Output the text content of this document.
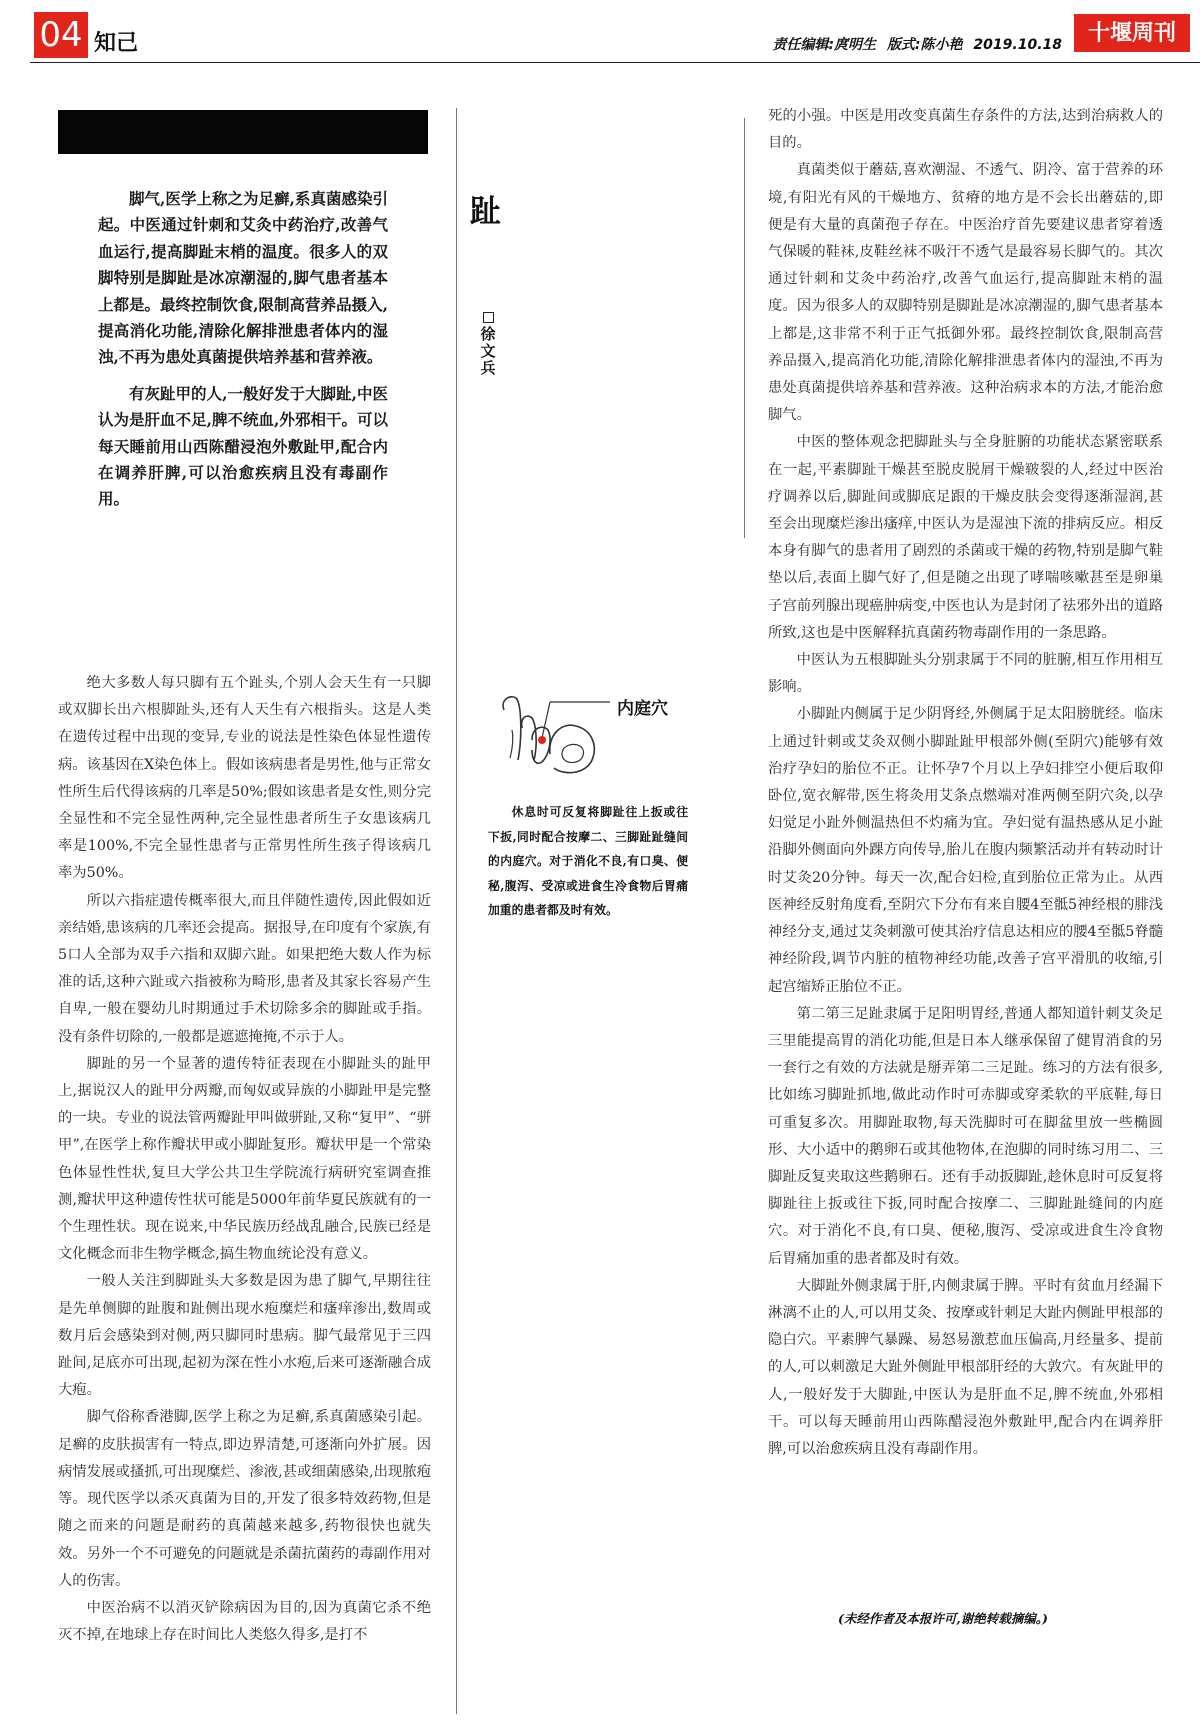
04 知己	责任编辑:庹明生 版式:陈小艳 2019.10.18	十堰周刊
趾
徐文兵

脚气,医学上称之为足癣,系真菌感染引起。中医通过针刺和艾灸中药治疗,改善气血运行,提高脚趾末梢的温度。很多人的双脚特别是脚趾是冰凉潮湿的,脚气患者基本上都是。最终控制饮食,限制高营养品摄入,提高消化功能,清除化解排泄患者体内的湿浊,不再为患处真菌提供培养基和营养液。

有灰趾甲的人,一般好发于大脚趾,中医认为是肝血不足,脾不统血,外邪相干。可以每天睡前用山西陈醋浸泡外敷趾甲,配合内在调养肝脾,可以治愈疾病且没有毒副作用。

绝大多数人每只脚有五个趾头,个别人会天生有一只脚或双脚长出六根脚趾头,还有人天生有六根指头。这是人类在遗传过程中出现的变异,专业的说法是性染色体显性遗传病。该基因在X染色体上。假如该病患者是男性,他与正常女性所生后代得该病的几率是50%;假如该患者是女性,则分完全显性和不完全显性两种,完全显性患者所生子女患该病几率是100%,不完全显性患者与正常男性所生孩子得该病几率为50%。

所以六指症遗传概率很大,而且伴随性遗传,因此假如近亲结婚,患该病的几率还会提高。据报导,在印度有个家族,有5口人全部为双手六指和双脚六趾。如果把绝大数人作为标准的话,这种六趾或六指被称为畸形,患者及其家长容易产生自卑,一般在婴幼儿时期通过手术切除多余的脚趾或手指。没有条件切除的,一般都是遮遮掩掩,不示于人。

脚趾的另一个显著的遗传特征表现在小脚趾头的趾甲上,据说汉人的趾甲分两瓣,而匈奴或异族的小脚趾甲是完整的一块。专业的说法管两瓣趾甲叫做骈趾,又称“复甲”、“骈甲”,在医学上称作瓣状甲或小脚趾复形。瓣状甲是一个常染色体显性性状,复旦大学公共卫生学院流行病研究室调查推测,瓣状甲这种遗传性状可能是5000年前华夏民族就有的一个生理性状。现在说来,中华民族历经战乱融合,民族已经是文化概念而非生物学概念,搞生物血统论没有意义。

一般人关注到脚趾头大多数是因为患了脚气,早期往往是先单侧脚的趾腹和趾侧出现水疱糜烂和瘙痒渗出,数周或数月后会感染到对侧,两只脚同时患病。脚气最常见于三四趾间,足底亦可出现,起初为深在性小水疱,后来可逐渐融合成大疱。

脚气俗称香港脚,医学上称之为足癣,系真菌感染引起。足癣的皮肤损害有一特点,即边界清楚,可逐渐向外扩展。因病情发展或搔抓,可出现糜烂、渗液,甚或细菌感染,出现脓疱等。现代医学以杀灭真菌为目的,开发了很多特效药物,但是随之而来的问题是耐药的真菌越来越多,药物很快也就失效。另外一个不可避免的问题就是杀菌抗菌药的毒副作用对人的伤害。

中医治病不以消灭铲除病因为目的,因为真菌它杀不绝灭不掉,在地球上存在时间比人类悠久得多,是打不

内庭穴

休息时可反复将脚趾往上扳或往下扳,同时配合按摩二、三脚趾趾缝间的内庭穴。对于消化不良,有口臭、便秘,腹泻、受凉或进食生冷食物后胃痛加重的患者都及时有效。

死的小强。中医是用改变真菌生存条件的方法,达到治病救人的目的。

真菌类似于蘑菇,喜欢潮湿、不透气、阴冷、富于营养的环境,有阳光有风的干燥地方、贫瘠的地方是不会长出蘑菇的,即便是有大量的真菌孢子存在。中医治疗首先要建议患者穿着透气保暖的鞋袜,皮鞋丝袜不吸汗不透气是最容易长脚气的。其次通过针刺和艾灸中药治疗,改善气血运行,提高脚趾末梢的温度。因为很多人的双脚特别是脚趾是冰凉潮湿的,脚气患者基本上都是,这非常不利于正气抵御外邪。最终控制饮食,限制高营养品摄入,提高消化功能,清除化解排泄患者体内的湿浊,不再为患处真菌提供培养基和营养液。这种治病求本的方法,才能治愈脚气。

中医的整体观念把脚趾头与全身脏腑的功能状态紧密联系在一起,平素脚趾干燥甚至脱皮脱屑干燥皲裂的人,经过中医治疗调养以后,脚趾间或脚底足跟的干燥皮肤会变得逐渐湿润,甚至会出现糜烂渗出瘙痒,中医认为是湿浊下流的排病反应。相反本身有脚气的患者用了剧烈的杀菌或干燥的药物,特别是脚气鞋垫以后,表面上脚气好了,但是随之出现了哮喘咳嗽甚至是卵巢子宫前列腺出现癌肿病变,中医也认为是封闭了祛邪外出的道路所致,这也是中医解释抗真菌药物毒副作用的一条思路。

中医认为五根脚趾头分别隶属于不同的脏腑,相互作用相互影响。

小脚趾内侧属于足少阴肾经,外侧属于足太阳膀胱经。临床上通过针刺或艾灸双侧小脚趾趾甲根部外侧(至阴穴)能够有效治疗孕妇的胎位不正。让怀孕7个月以上孕妇排空小便后取仰卧位,宽衣解带,医生将灸用艾条点燃端对准两侧至阴穴灸,以孕妇觉足小趾外侧温热但不灼痛为宜。孕妇觉有温热感从足小趾沿脚外侧面向外踝方向传导,胎儿在腹内频繁活动并有转动时计时艾灸20分钟。每天一次,配合妇检,直到胎位正常为止。从西医神经反射角度看,至阴穴下分布有来自腰4至骶5神经根的腓浅神经分支,通过艾灸刺激可使其治疗信息达相应的腰4至骶5脊髓神经阶段,调节内脏的植物神经功能,改善子宫平滑肌的收缩,引起宫缩矫正胎位不正。

第二第三足趾隶属于足阳明胃经,普通人都知道针刺艾灸足三里能提高胃的消化功能,但是日本人继承保留了健胃消食的另一套行之有效的方法就是掰弄第二三足趾。练习的方法有很多,比如练习脚趾抓地,做此动作时可赤脚或穿柔软的平底鞋,每日可重复多次。用脚趾取物,每天洗脚时可在脚盆里放一些椭圆形、大小适中的鹅卵石或其他物体,在泡脚的同时练习用二、三脚趾反复夹取这些鹅卵石。还有手动扳脚趾,趁休息时可反复将脚趾往上扳或往下扳,同时配合按摩二、三脚趾趾缝间的内庭穴。对于消化不良,有口臭、便秘,腹泻、受凉或进食生冷食物后胃痛加重的患者都及时有效。

大脚趾外侧隶属于肝,内侧隶属于脾。平时有贫血月经漏下淋漓不止的人,可以用艾灸、按摩或针刺足大趾内侧趾甲根部的隐白穴。平素脾气暴躁、易怒易激惹血压偏高,月经量多、提前的人,可以刺激足大趾外侧趾甲根部肝经的大敦穴。有灰趾甲的人,一般好发于大脚趾,中医认为是肝血不足,脾不统血,外邪相干。可以每天睡前用山西陈醋浸泡外敷趾甲,配合内在调养肝脾,可以治愈疾病且没有毒副作用。

(未经作者及本报许可,谢绝转载摘编。)
